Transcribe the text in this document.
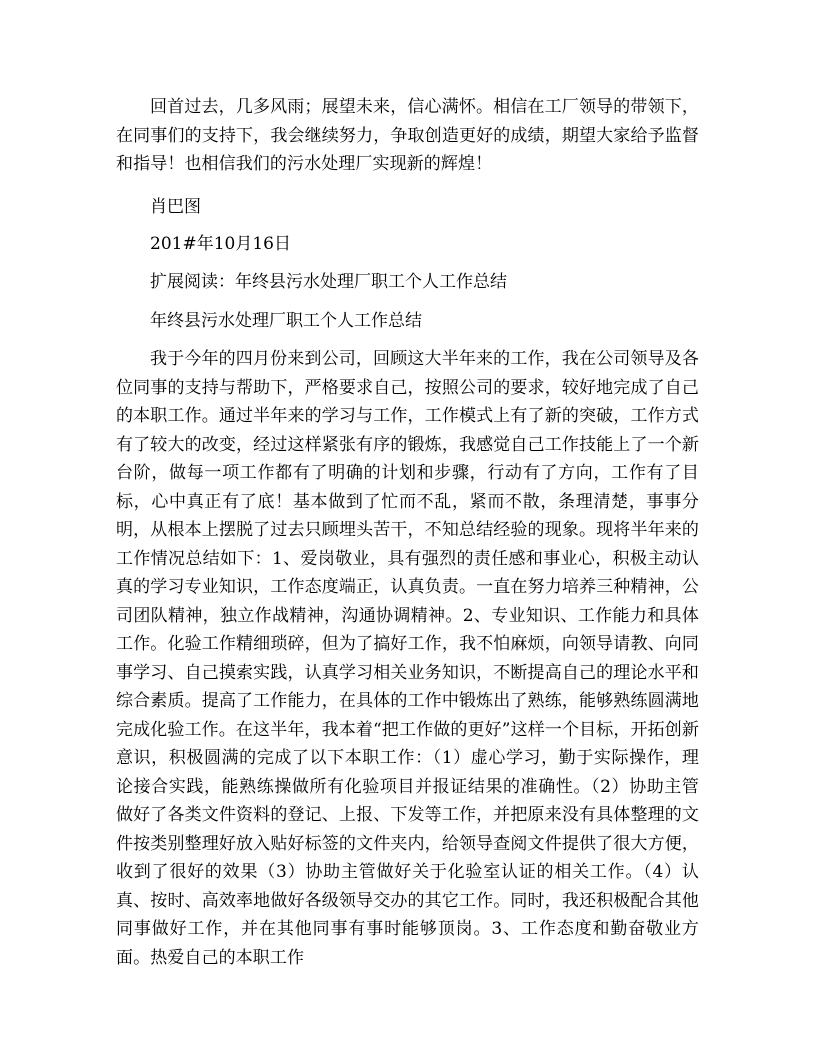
回首过去，几多风雨；展望未来，信心满怀。相信在工厂领导的带领下，在同事们的支持下，我会继续努力，争取创造更好的成绩，期望大家给予监督和指导！也相信我们的污水处理厂实现新的辉煌！

肖巴图
201#年10月16日
扩展阅读：年终县污水处理厂职工个人工作总结
年终县污水处理厂职工个人工作总结

我于今年的四月份来到公司，回顾这大半年来的工作，我在公司领导及各位同事的支持与帮助下，严格要求自己，按照公司的要求，较好地完成了自己的本职工作。通过半年来的学习与工作，工作模式上有了新的突破，工作方式有了较大的改变，经过这样紧张有序的锻炼，我感觉自己工作技能上了一个新台阶，做每一项工作都有了明确的计划和步骤，行动有了方向，工作有了目标，心中真正有了底！基本做到了忙而不乱，紧而不散，条理清楚，事事分明，从根本上摆脱了过去只顾埋头苦干，不知总结经验的现象。现将半年来的工作情况总结如下：1、爱岗敬业，具有强烈的责任感和事业心，积极主动认真的学习专业知识，工作态度端正，认真负责。一直在努力培养三种精神，公司团队精神，独立作战精神，沟通协调精神。2、专业知识、工作能力和具体工作。化验工作精细琐碎，但为了搞好工作，我不怕麻烦，向领导请教、向同事学习、自己摸索实践，认真学习相关业务知识，不断提高自己的理论水平和综合素质。提高了工作能力，在具体的工作中锻炼出了熟练，能够熟练圆满地完成化验工作。在这半年，我本着“把工作做的更好”这样一个目标，开拓创新意识，积极圆满的完成了以下本职工作：（1）虚心学习，勤于实际操作，理论接合实践，能熟练操做所有化验项目并报证结果的准确性。（2）协助主管做好了各类文件资料的登记、上报、下发等工作，并把原来没有具体整理的文件按类别整理好放入贴好标签的文件夹内，给领导查阅文件提供了很大方便，收到了很好的效果（3）协助主管做好关于化验室认证的相关工作。（4）认真、按时、高效率地做好各级领导交办的其它工作。同时，我还积极配合其他同事做好工作，并在其他同事有事时能够顶岗。3、工作态度和勤奋敬业方面。热爱自己的本职工作
